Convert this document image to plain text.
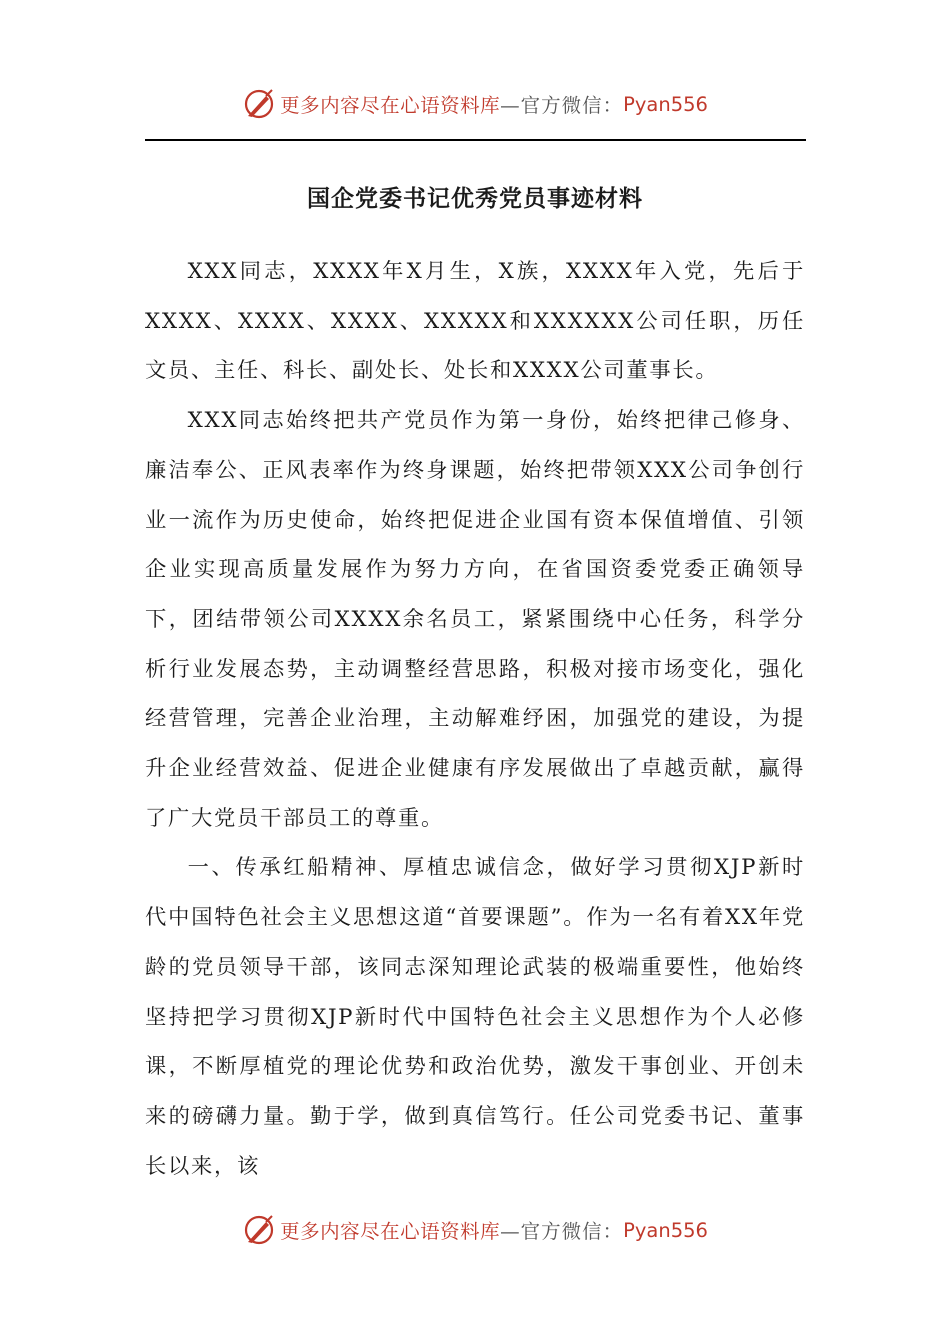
更多内容尽在心语资料库 —官方微信： Pyan556
国企党委书记优秀党员事迹材料

XXX同志，XXXX年X月生，X族，XXXX年入党，先后于XXXX、XXXX、XXXX、XXXXX和XXXXXX公司任职，历任文员、主任、科长、副处长、处长和XXXX公司董事长。

XXX同志始终把共产党员作为第一身份，始终把律己修身、廉洁奉公、正风表率作为终身课题，始终把带领XXX公司争创行业一流作为历史使命，始终把促进企业国有资本保值增值、引领企业实现高质量发展作为努力方向，在省国资委党委正确领导下，团结带领公司XXXX余名员工，紧紧围绕中心任务，科学分析行业发展态势，主动调整经营思路，积极对接市场变化，强化经营管理，完善企业治理，主动解难纾困，加强党的建设，为提升企业经营效益、促进企业健康有序发展做出了卓越贡献，赢得了广大党员干部员工的尊重。

一、传承红船精神、厚植忠诚信念，做好学习贯彻XJP新时代中国特色社会主义思想这道“首要课题”。作为一名有着XX年党龄的党员领导干部，该同志深知理论武装的极端重要性，他始终坚持把学习贯彻XJP新时代中国特色社会主义思想作为个人必修课，不断厚植党的理论优势和政治优势，激发干事创业、开创未来的磅礴力量。勤于学，做到真信笃行。任公司党委书记、董事长以来，该

更多内容尽在心语资料库 —官方微信： Pyan556
